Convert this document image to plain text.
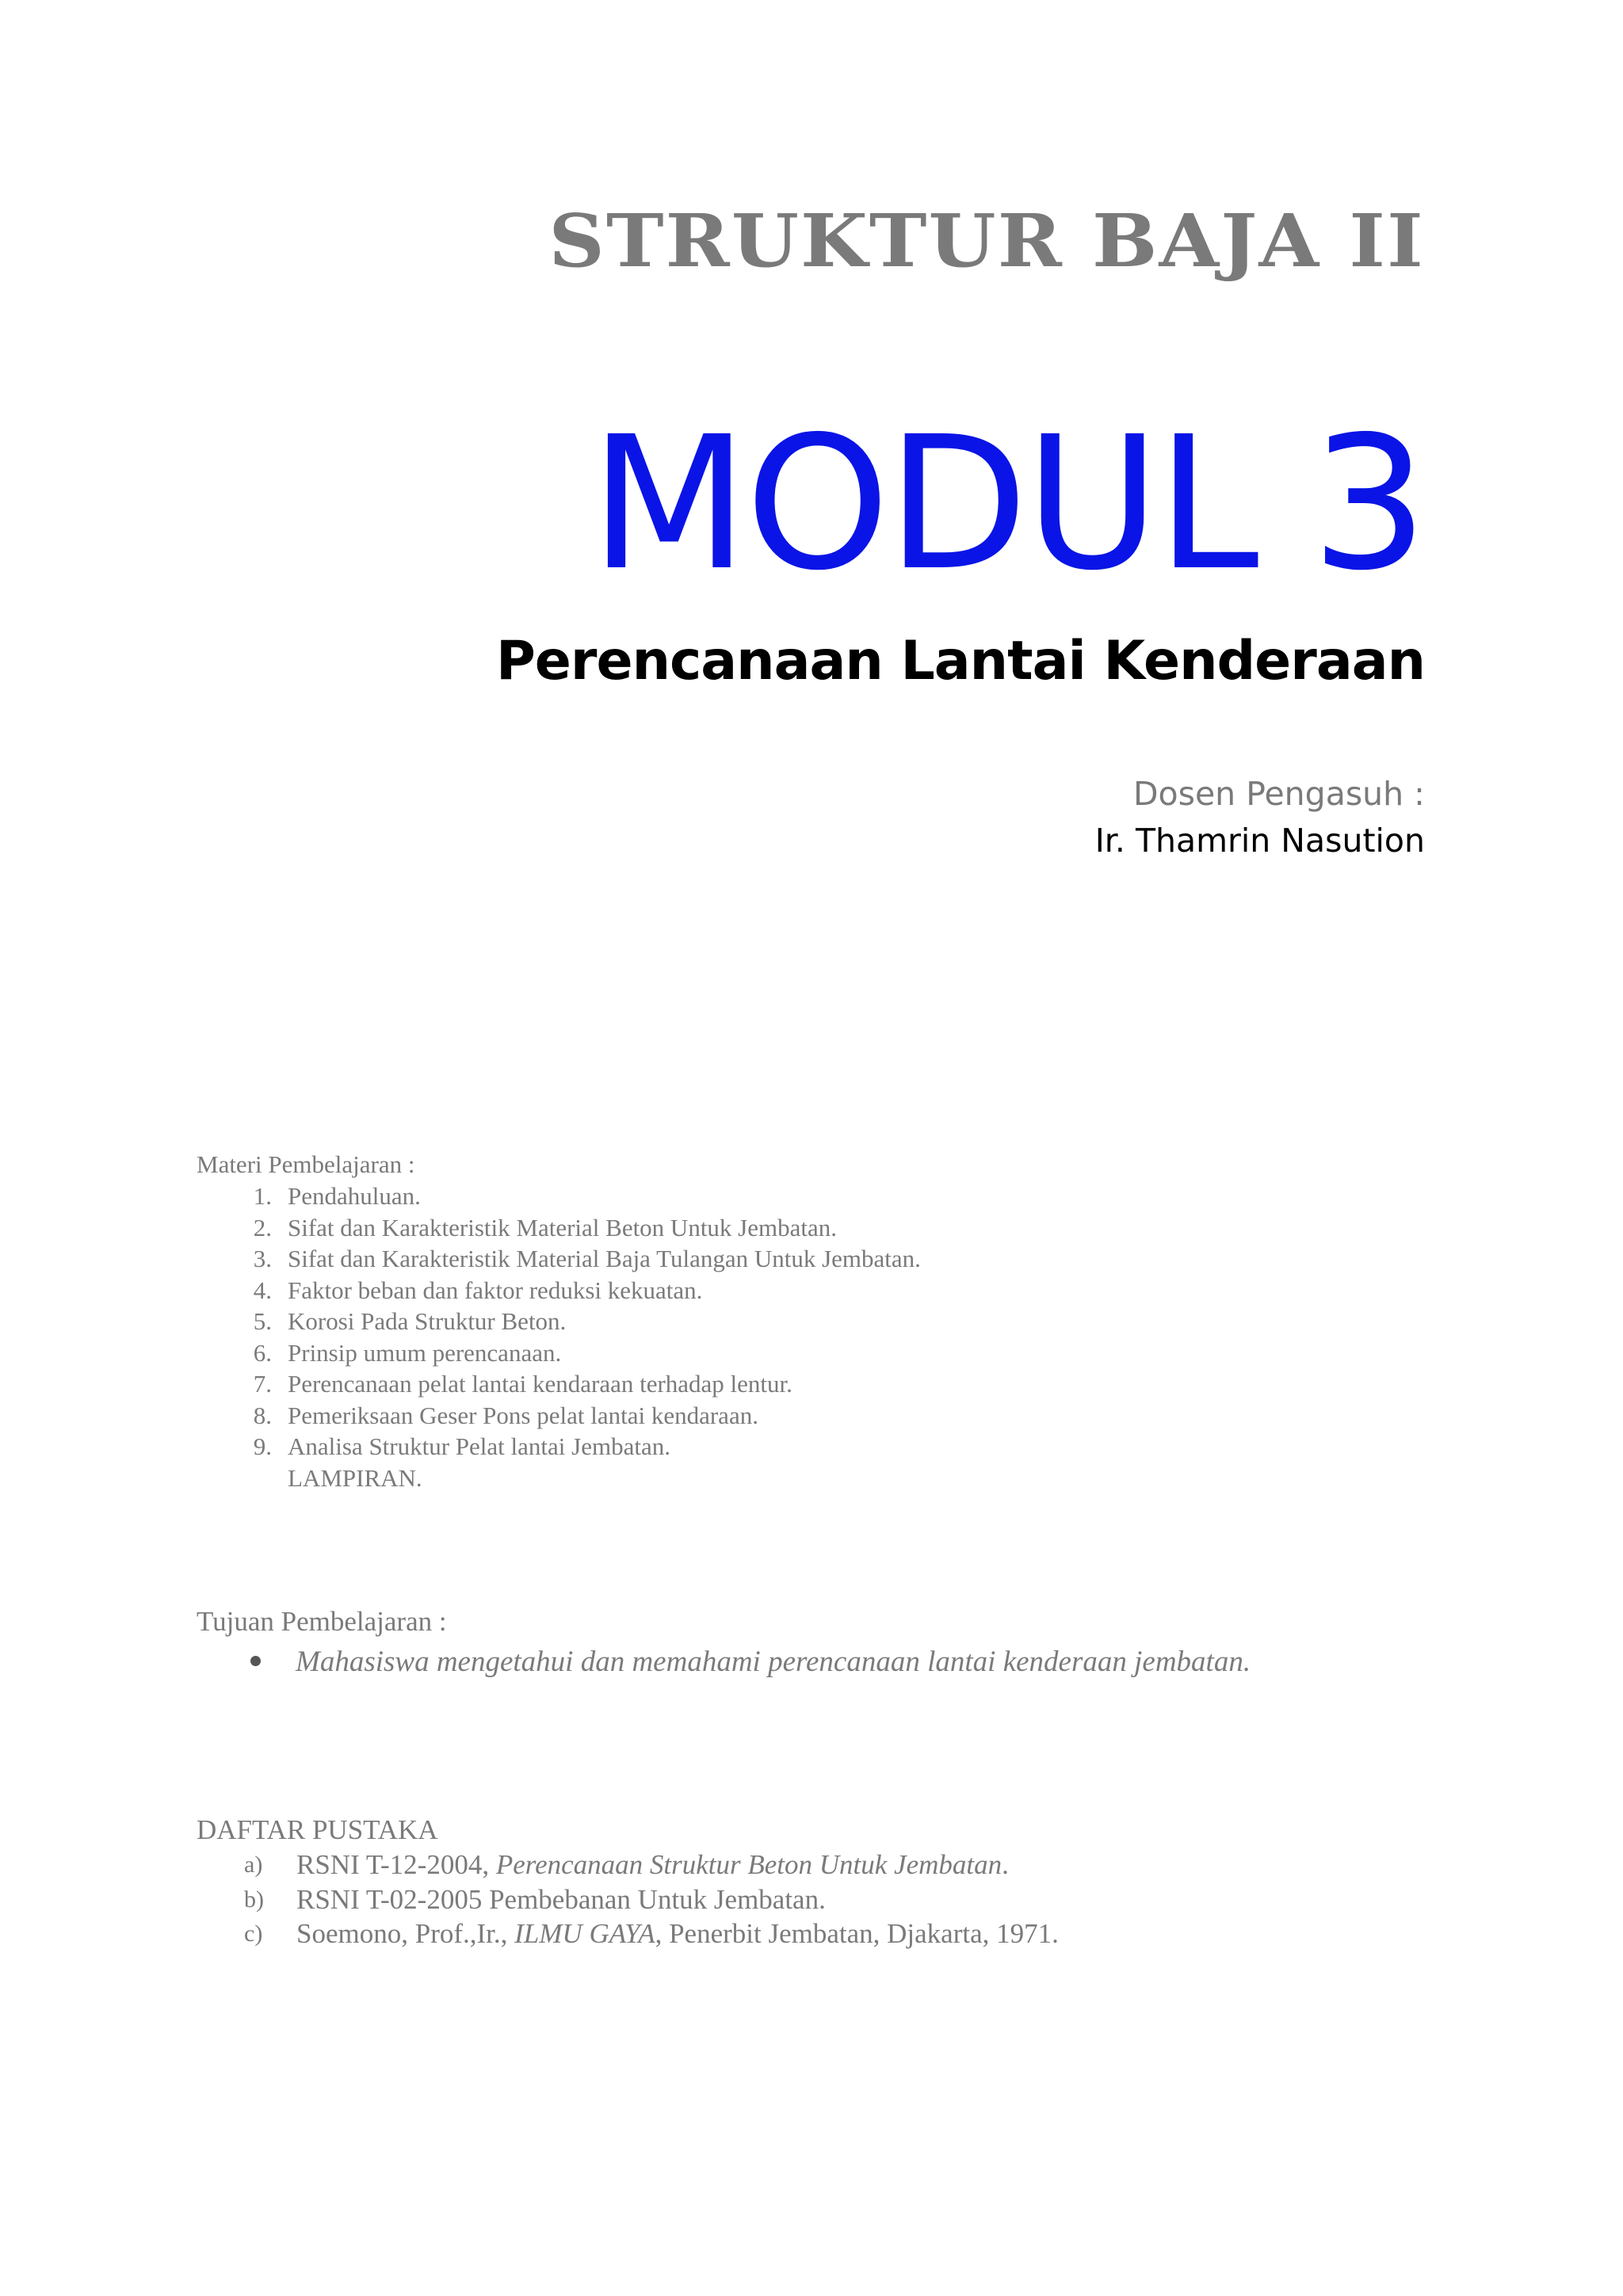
STRUKTUR BAJA II
MODUL 3
Perencanaan Lantai Kenderaan
Dosen Pengasuh :
Ir. Thamrin Nasution
Materi Pembelajaran :
1. Pendahuluan.
2. Sifat dan Karakteristik Material Beton Untuk Jembatan.
3. Sifat dan Karakteristik Material Baja Tulangan Untuk Jembatan.
4. Faktor beban dan faktor reduksi kekuatan.
5. Korosi Pada Struktur Beton.
6. Prinsip umum perencanaan.
7. Perencanaan pelat lantai kendaraan terhadap lentur.
8. Pemeriksaan Geser Pons pelat lantai kendaraan.
9. Analisa Struktur Pelat lantai Jembatan.
LAMPIRAN.
Tujuan Pembelajaran :
Mahasiswa mengetahui dan memahami perencanaan lantai kenderaan jembatan.
DAFTAR PUSTAKA
a) RSNI T-12-2004, Perencanaan Struktur Beton Untuk Jembatan.
b) RSNI T-02-2005 Pembebanan Untuk Jembatan.
c) Soemono, Prof.,Ir., ILMU GAYA, Penerbit Jembatan, Djakarta, 1971.
